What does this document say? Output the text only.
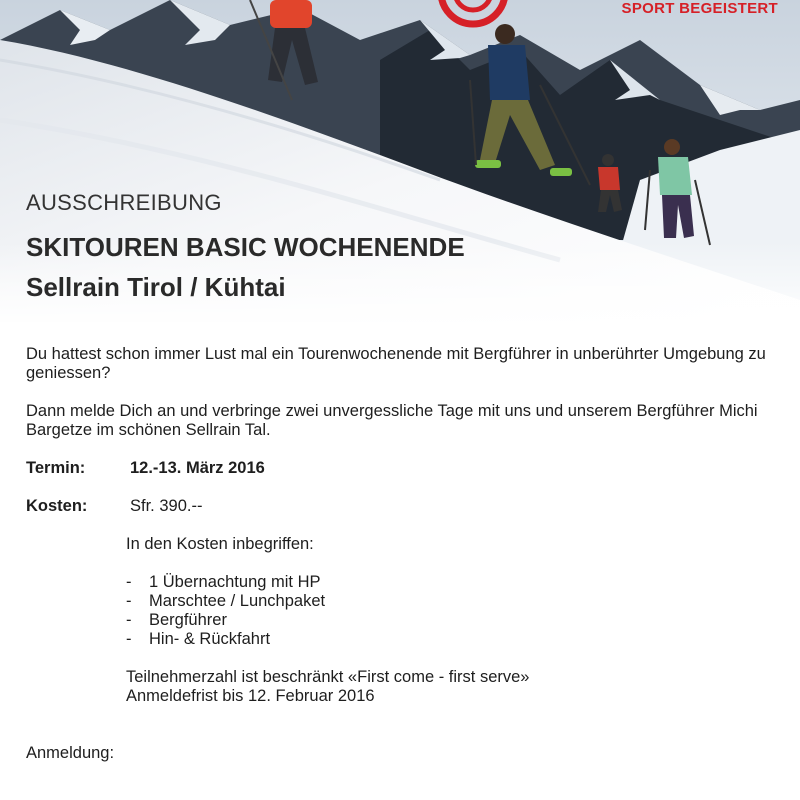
SPORT BEGEISTERT
AUSSCHREIBUNG
SKITOUREN BASIC WOCHENENDE
Sellrain Tirol / Kühtai

Du hattest schon immer Lust mal ein Tourenwochenende mit Bergführer in unberührter Umgebung zu geniessen?

Dann melde Dich an und verbringe zwei unvergessliche Tage mit uns und unserem Bergführer Michi Bargetze im schönen Sellrain Tal.

Termin:	12.-13. März 2016
Kosten:	Sfr. 390.--

In den Kosten inbegriffen:

-	1 Übernachtung mit HP
-	Marschtee / Lunchpaket
-	Bergführer
-	Hin- & Rückfahrt

Teilnehmerzahl ist beschränkt «First come - first serve»

Anmeldefrist bis 12. Februar 2016

Anmeldung:
